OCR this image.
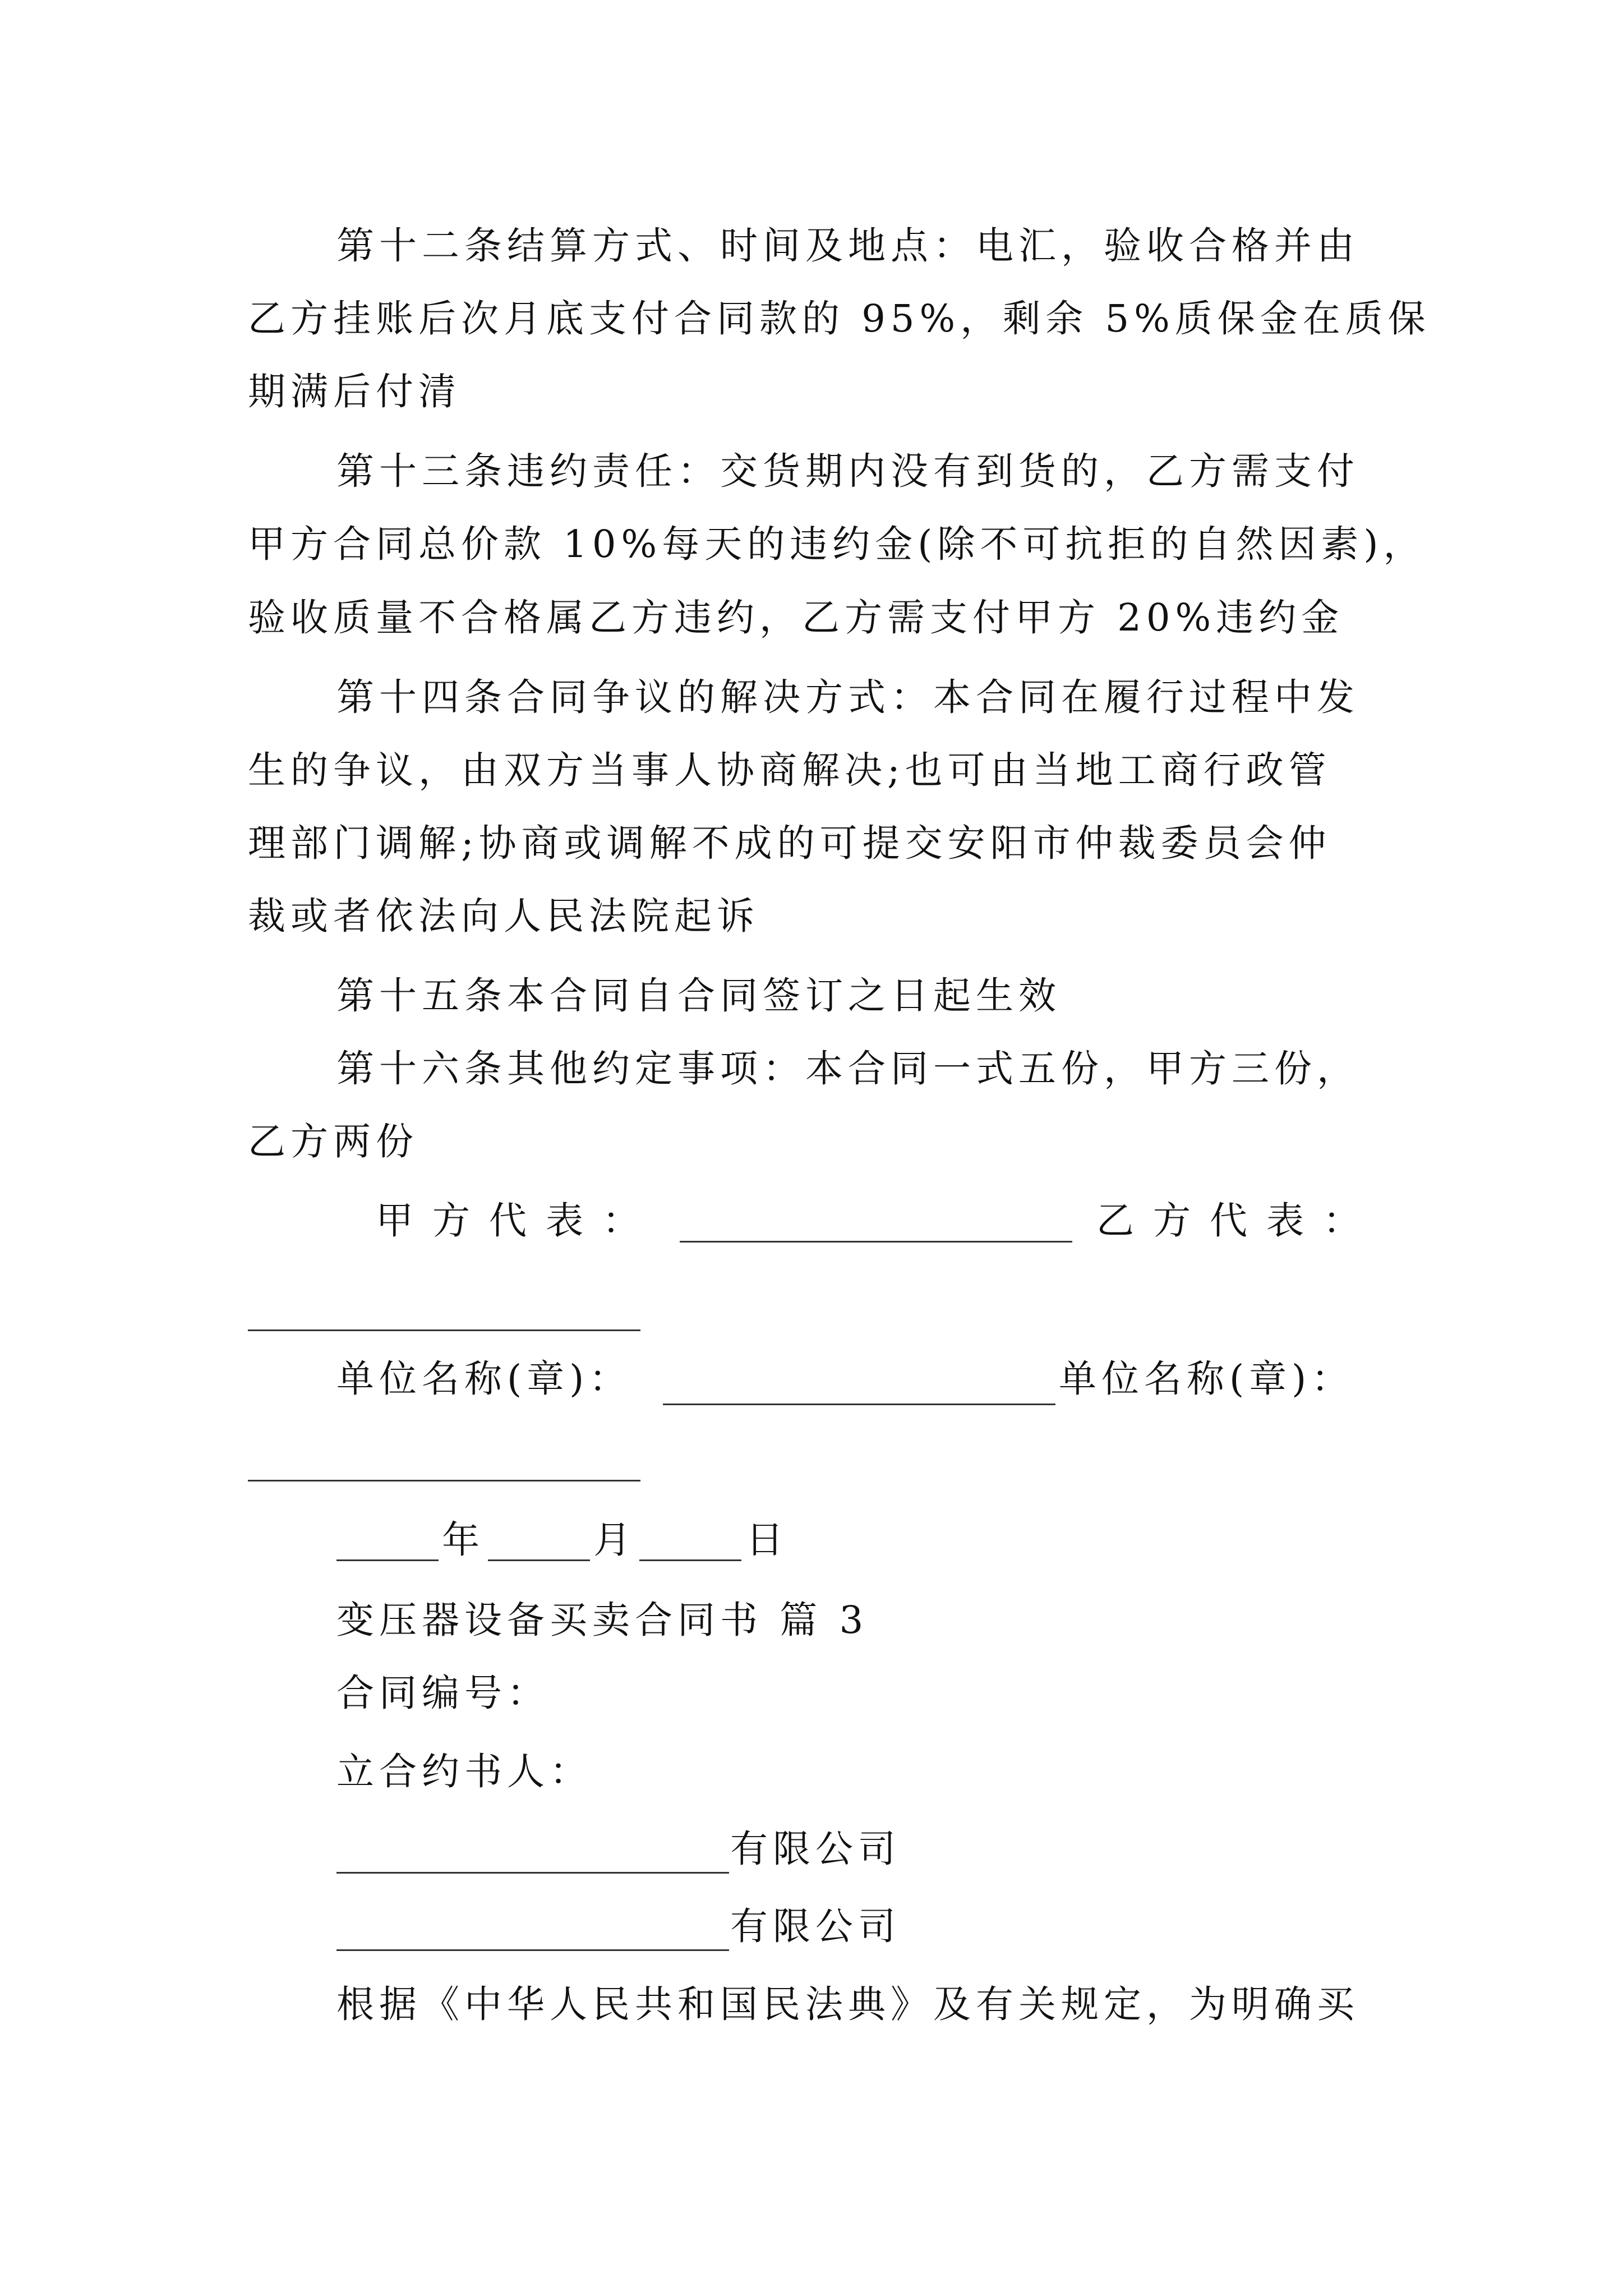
第十二条结算方式、时间及地点：电汇，验收合格并由
乙方挂账后次月底支付合同款的 95%，剩余 5%质保金在质保
期满后付清
第十三条违约责任：交货期内没有到货的，乙方需支付
甲方合同总价款 10%每天的违约金(除不可抗拒的自然因素)，
验收质量不合格属乙方违约，乙方需支付甲方 20%违约金
第十四条合同争议的解决方式：本合同在履行过程中发
生的争议，由双方当事人协商解决;也可由当地工商行政管
理部门调解;协商或调解不成的可提交安阳市仲裁委员会仲
裁或者依法向人民法院起诉
第十五条本合同自合同签订之日起生效
第十六条其他约定事项：本合同一式五份，甲方三份，
乙方两份
甲方代表：	乙方代表：
单位名称(章)：	单位名称(章)：
年	月	日
变压器设备买卖合同书 篇 3
合同编号：
立合约书人：
有限公司
有限公司
根据《中华人民共和国民法典》及有关规定，为明确买
